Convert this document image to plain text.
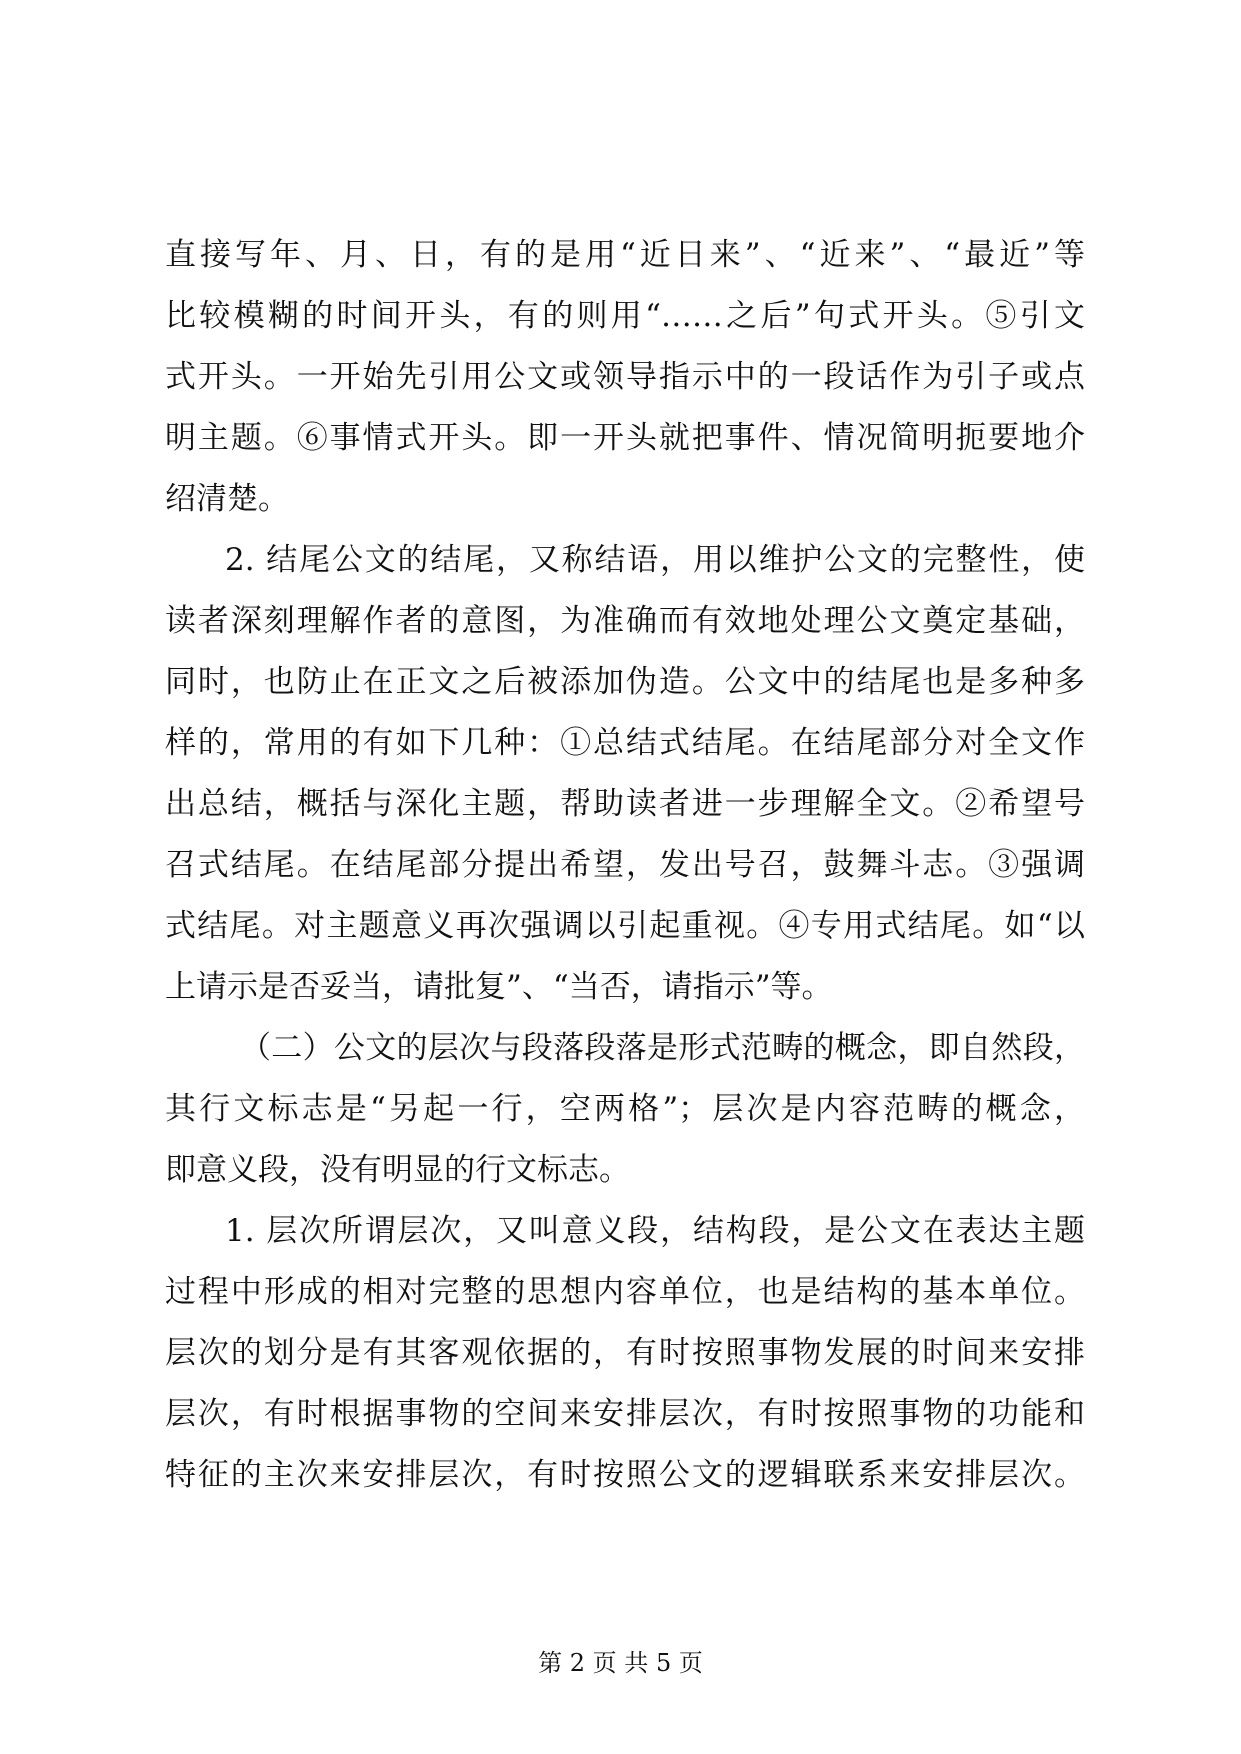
直接写年、月、日，有的是用“近日来”、“近来”、“最近”等
比较模糊的时间开头，有的则用“……之后”句式开头。⑤引文
式开头。一开始先引用公文或领导指示中的一段话作为引子或点
明主题。⑥事情式开头。即一开头就把事件、情况简明扼要地介
绍清楚。
2. 结尾公文的结尾，又称结语，用以维护公文的完整性，使
读者深刻理解作者的意图，为准确而有效地处理公文奠定基础，
同时，也防止在正文之后被添加伪造。公文中的结尾也是多种多
样的，常用的有如下几种：①总结式结尾。在结尾部分对全文作
出总结，概括与深化主题，帮助读者进一步理解全文。②希望号
召式结尾。在结尾部分提出希望，发出号召，鼓舞斗志。③强调
式结尾。对主题意义再次强调以引起重视。④专用式结尾。如“以
上请示是否妥当，请批复”、“当否，请指示”等。
（二）公文的层次与段落段落是形式范畴的概念，即自然段，
其行文标志是“另起一行，空两格”；层次是内容范畴的概念，
即意义段，没有明显的行文标志。
1. 层次所谓层次，又叫意义段，结构段，是公文在表达主题
过程中形成的相对完整的思想内容单位，也是结构的基本单位。
层次的划分是有其客观依据的，有时按照事物发展的时间来安排
层次，有时根据事物的空间来安排层次，有时按照事物的功能和
特征的主次来安排层次，有时按照公文的逻辑联系来安排层次。
第 2 页 共 5 页
